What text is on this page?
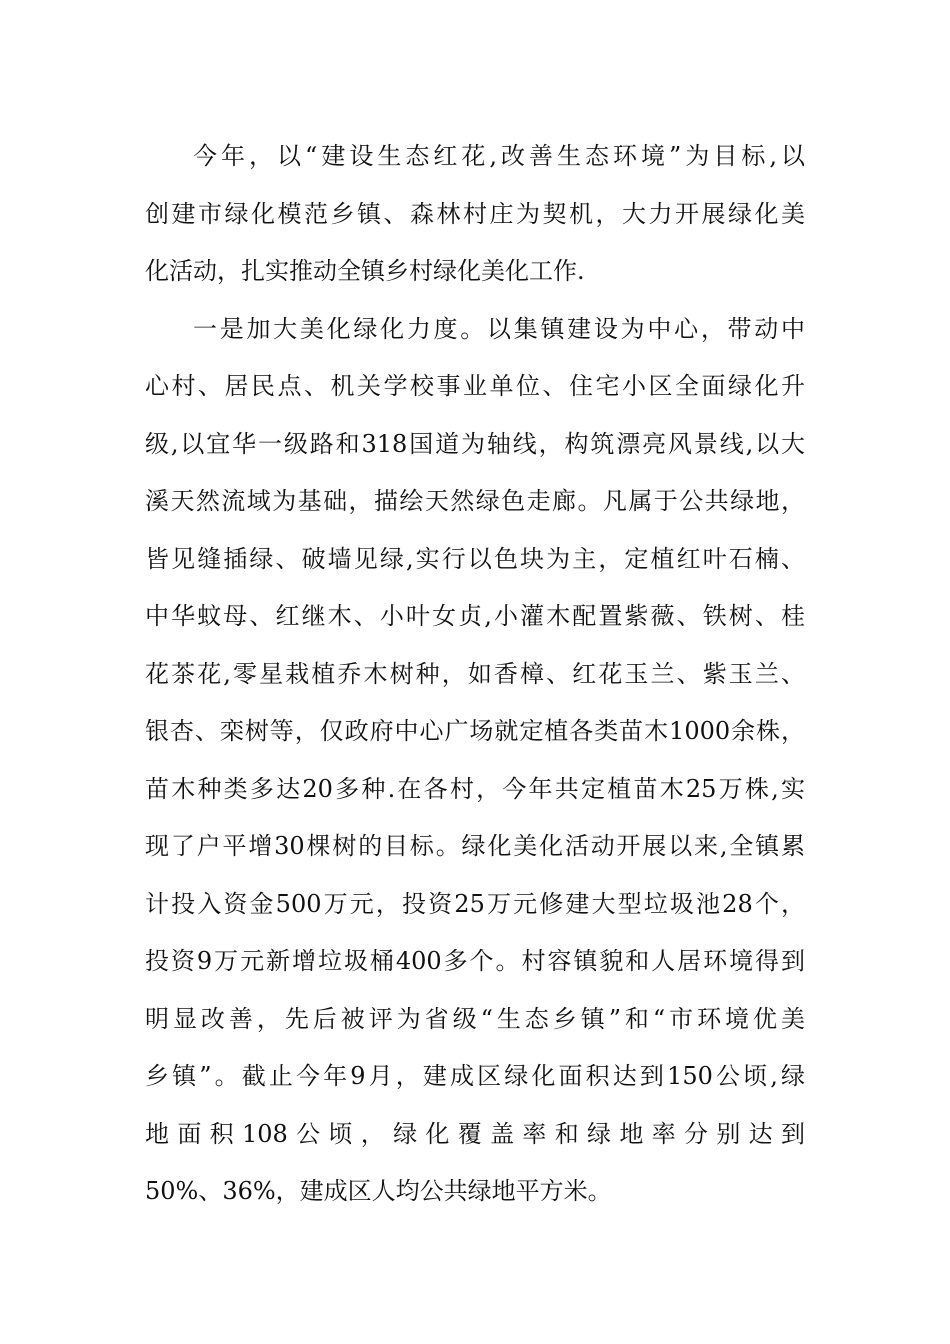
今年，以“建设生态红花,改善生态环境”为目标,以
创建市绿化模范乡镇、森林村庄为契机，大力开展绿化美
化活动，扎实推动全镇乡村绿化美化工作.

一是加大美化绿化力度。以集镇建设为中心，带动中
心村、居民点、机关学校事业单位、住宅小区全面绿化升
级,以宜华一级路和318国道为轴线，构筑漂亮风景线,以大
溪天然流域为基础，描绘天然绿色走廊。凡属于公共绿地，
皆见缝插绿、破墙见绿,实行以色块为主，定植红叶石楠、
中华蚊母、红继木、小叶女贞,小灌木配置紫薇、铁树、桂
花茶花,零星栽植乔木树种，如香樟、红花玉兰、紫玉兰、
银杏、栾树等，仅政府中心广场就定植各类苗木1000余株，
苗木种类多达20多种.在各村，今年共定植苗木25万株,实
现了户平增30棵树的目标。绿化美化活动开展以来,全镇累
计投入资金500万元，投资25万元修建大型垃圾池28个，
投资9万元新增垃圾桶400多个。村容镇貌和人居环境得到
明显改善，先后被评为省级“生态乡镇”和“市环境优美
乡镇”。截止今年9月，建成区绿化面积达到150公顷,绿
地面积108公顷，绿化覆盖率和绿地率分别达到
50%、36%，建成区人均公共绿地平方米。
